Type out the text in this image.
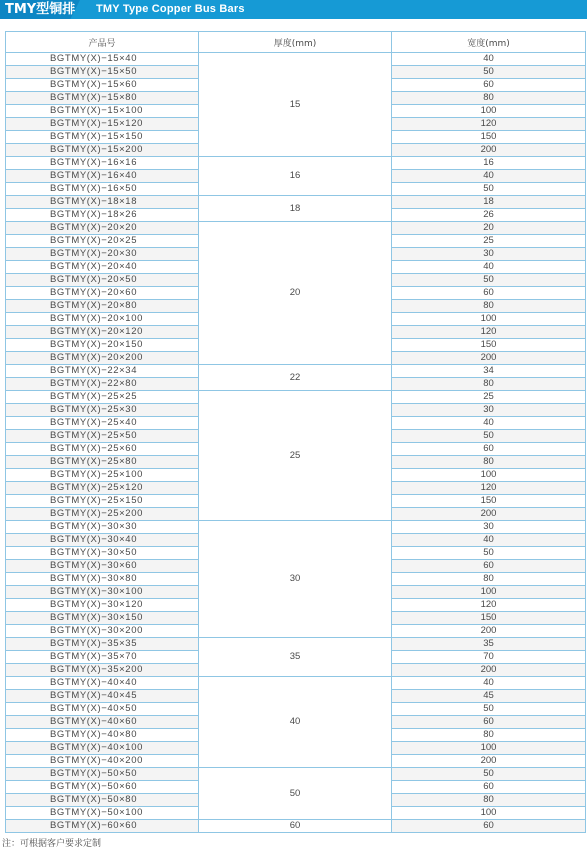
TMY型铜排 TMY Type Copper Bus Bars
产品号	厚度(mm)	宽度(mm)
BGTMY(X)−15×40	15	40
BGTMY(X)−15×50		50
BGTMY(X)−15×60		60
BGTMY(X)−15×80		80
BGTMY(X)−15×100		100
BGTMY(X)−15×120		120
BGTMY(X)−15×150		150
BGTMY(X)−15×200		200
BGTMY(X)−16×16	16	16
BGTMY(X)−16×40		40
BGTMY(X)−16×50		50
BGTMY(X)−18×18	18	18
BGTMY(X)−18×26		26
BGTMY(X)−20×20	20	20
BGTMY(X)−20×25		25
BGTMY(X)−20×30		30
BGTMY(X)−20×40		40
BGTMY(X)−20×50		50
BGTMY(X)−20×60		60
BGTMY(X)−20×80		80
BGTMY(X)−20×100		100
BGTMY(X)−20×120		120
BGTMY(X)−20×150		150
BGTMY(X)−20×200		200
BGTMY(X)−22×34	22	34
BGTMY(X)−22×80		80
BGTMY(X)−25×25	25	25
BGTMY(X)−25×30		30
BGTMY(X)−25×40		40
BGTMY(X)−25×50		50
BGTMY(X)−25×60		60
BGTMY(X)−25×80		80
BGTMY(X)−25×100		100
BGTMY(X)−25×120		120
BGTMY(X)−25×150		150
BGTMY(X)−25×200		200
BGTMY(X)−30×30	30	30
BGTMY(X)−30×40		40
BGTMY(X)−30×50		50
BGTMY(X)−30×60		60
BGTMY(X)−30×80		80
BGTMY(X)−30×100		100
BGTMY(X)−30×120		120
BGTMY(X)−30×150		150
BGTMY(X)−30×200		200
BGTMY(X)−35×35	35	35
BGTMY(X)−35×70		70
BGTMY(X)−35×200		200
BGTMY(X)−40×40	40	40
BGTMY(X)−40×45		45
BGTMY(X)−40×50		50
BGTMY(X)−40×60		60
BGTMY(X)−40×80		80
BGTMY(X)−40×100		100
BGTMY(X)−40×200		200
BGTMY(X)−50×50	50	50
BGTMY(X)−50×60		60
BGTMY(X)−50×80		80
BGTMY(X)−50×100		100
BGTMY(X)−60×60	60	60
注：可根据客户要求定制
